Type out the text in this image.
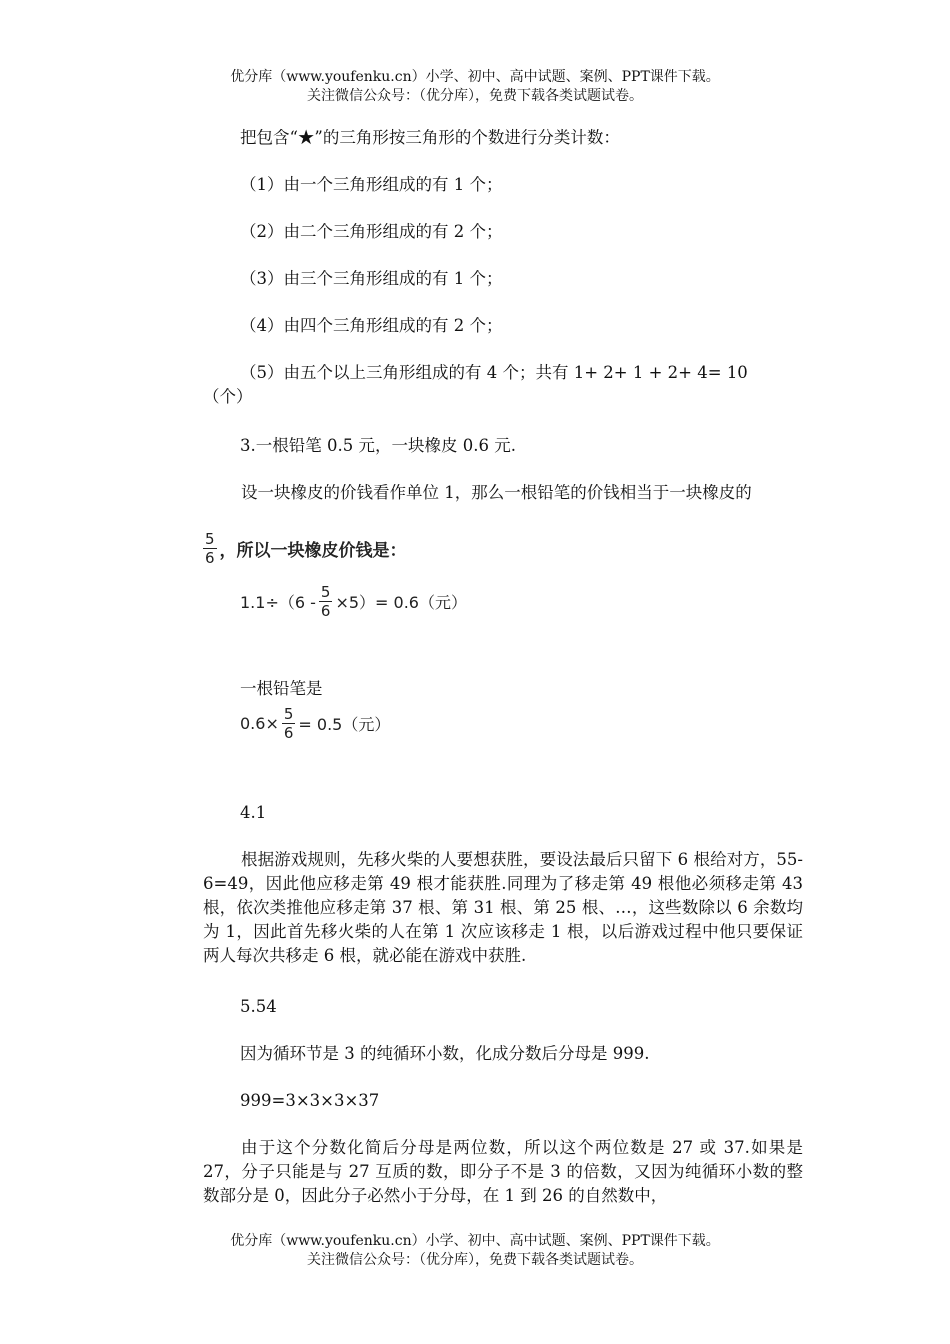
优分库（www.youfenku.cn）小学、初中、高中试题、案例、PPT课件下载。
关注微信公众号：（优分库），免费下载各类试题试卷。
把包含“★”的三角形按三角形的个数进行分类计数：
（1）由一个三角形组成的有 1 个；
（2）由二个三角形组成的有 2 个；
（3）由三个三角形组成的有 1 个；
（4）由四个三角形组成的有 2 个；
（5）由五个以上三角形组成的有 4 个；共有 1+ 2+ 1 + 2+ 4= 10
（个）
3.一根铅笔 0.5 元，一块橡皮 0.6 元.
设一块橡皮的价钱看作单位 1，那么一根铅笔的价钱相当于一块橡皮的
$\frac{5}{6}$ ，所以一块橡皮价钱是：
$1.1\div(6 - \frac{5}{6} \times 5)= 0.6$（元）
一根铅笔是
$0.6\times \frac{5}{6} = 0.5$（元）
4.1
根据游戏规则，先移火柴的人要想获胜，要设法最后只留下 6 根给对方，55-6=49，因此他应移走第 49 根才能获胜.同理为了移走第 49 根他必须移走第 43 根，依次类推他应移走第 37 根、第 31 根、第 25 根、…，这些数除以 6 余数均为 1，因此首先移火柴的人在第 1 次应该移走 1 根，以后游戏过程中他只要保证两人每次共移走 6 根，就必能在游戏中获胜.
5.54
因为循环节是 3 的纯循环小数，化成分数后分母是 999.
999=3×3×3×37
由于这个分数化简后分母是两位数，所以这个两位数是 27 或 37.如果是 27，分子只能是与 27 互质的数，即分子不是 3 的倍数，又因为纯循环小数的整数部分是 0，因此分子必然小于分母，在 1 到 26 的自然数中，
优分库（www.youfenku.cn）小学、初中、高中试题、案例、PPT课件下载。
关注微信公众号：（优分库），免费下载各类试题试卷。
